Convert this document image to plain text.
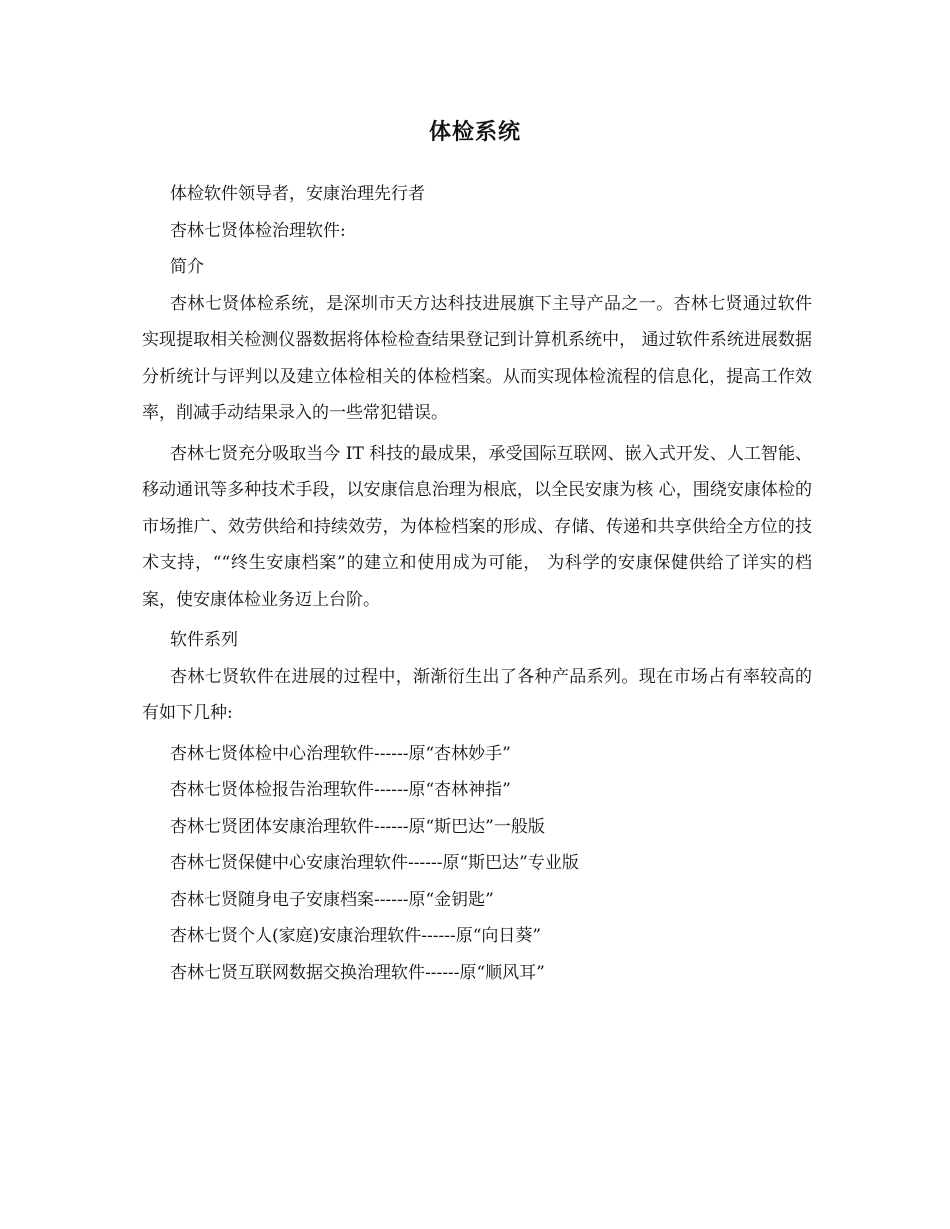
体检系统

体检软件领导者，安康治理先行者

杏林七贤体检治理软件:

简介

杏林七贤体检系统，是深圳市天方达科技进展旗下主导产品之一。杏林七贤通过软件实现提取相关检测仪器数据将体检检查结果登记到计算机系统中， 通过软件系统进展数据分析统计与评判以及建立体检相关的体检档案。从而实现体检流程的信息化，提高工作效率，削减手动结果录入的一些常犯错误。

杏林七贤充分吸取当今 IT 科技的最成果，承受国际互联网、嵌入式开发、人工智能、移动通讯等多种技术手段，以安康信息治理为根底，以全民安康为核 心，围绕安康体检的市场推广、效劳供给和持续效劳，为体检档案的形成、存储、传递和共享供给全方位的技术支持，““终生安康档案”的建立和使用成为可能， 为科学的安康保健供给了详实的档案，使安康体检业务迈上台阶。

软件系列

杏林七贤软件在进展的过程中，渐渐衍生出了各种产品系列。现在市场占有率较高的有如下几种:

杏林七贤体检中心治理软件------原“杏林妙手”

杏林七贤体检报告治理软件------原“杏林神指”

杏林七贤团体安康治理软件------原“斯巴达”一般版

杏林七贤保健中心安康治理软件------原“斯巴达”专业版

杏林七贤随身电子安康档案------原“金钥匙”

杏林七贤个人(家庭)安康治理软件------原“向日葵”

杏林七贤互联网数据交换治理软件------原“顺风耳”
